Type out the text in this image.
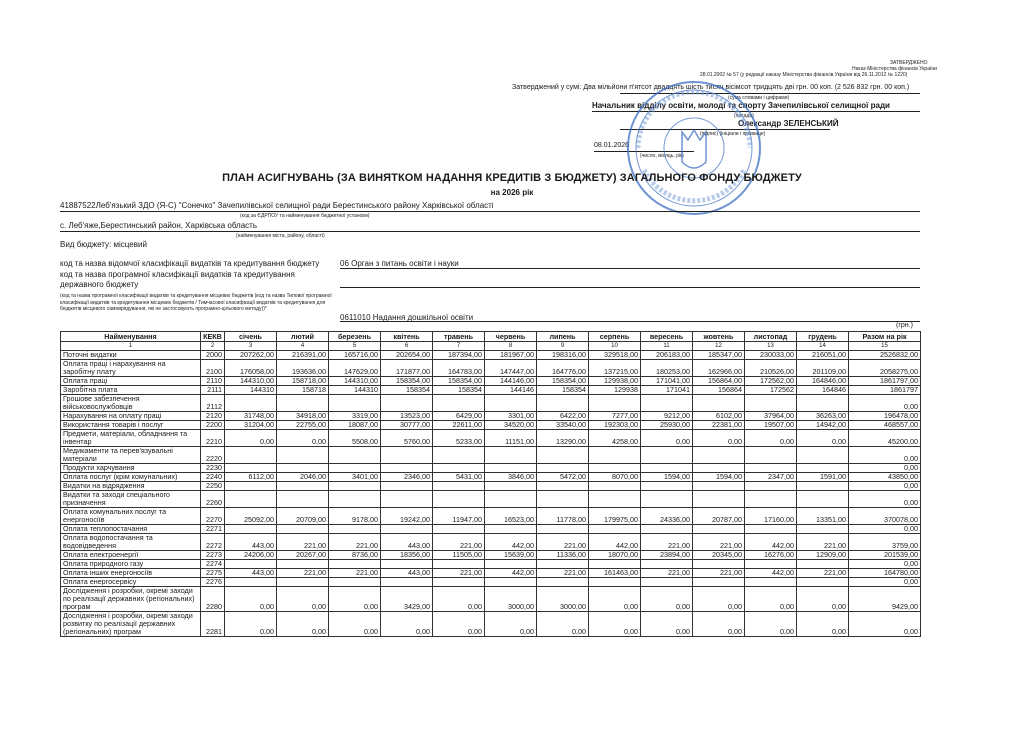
ЗАТВЕРДЖЕНО
Наказ Міністерства фінансів України
28.01.2002 № 57 (у редакції наказу Міністерства фінансів України від 26.11.2012 № 1220)
Затверджений у сумі: Два мільйони п'ятсот двадцять шість тисяч вісімсот тридцять дві грн. 00 коп. (2 526 832 грн. 00 коп.)
(сума словами і цифрами)
Начальник відділу освіти, молоді та спорту Зачепилівської селищної ради
(посада)
Олександр ЗЕЛЕНСЬКИЙ
(підпис) (ініціали і прізвище)
08.01.2026
(число, місяць, рік)
ПЛАН АСИГНУВАНЬ (ЗА ВИНЯТКОМ НАДАННЯ КРЕДИТІВ З БЮДЖЕТУ) ЗАГАЛЬНОГО ФОНДУ БЮДЖЕТУ
на 2026 рік
41887522Леб'язький ЗДО (Я-С) "Сонечко" Зачепилівської селищної ради Берестинського району Харківської області
(код за ЄДРПОУ та найменування бюджетної установи)
с. Леб'яже,Берестинський район, Харківська область
(найменування міста, району, області)
Вид бюджету: місцевий
код та назва відомчої класифікації видатків та кредитування бюджету	06 Орган з питань освіти і науки
код та назва програмної класифікації видатків та кредитування державного бюджету
(код та назва програмної класифікації видатків та кредитування місцевих бюджетів (код та назва Типової програмної класифікації видатків та кредитування місцевих бюджетів / Тимчасової класифікації видатків та кредитування для бюджетів місцевого самоврядування, які не застосовують програмно-цільового методу))*
0611010 Надання дошкільної освіти
(грн.)
Найменування	КЕКВ	січень	лютий	березень	квітень	травень	червень	липень	серпень	вересень	жовтень	листопад	грудень	Разом на рік
1	2	3	4	5	6	7	8	9	10	11	12	13	14	15
Поточні видатки	2000	207262,00	216391,00	165716,00	202654,00	187394,00	181967,00	198316,00	329518,00	206183,00	185347,00	230033,00	216051,00	2526832,00
Оплата праці і нарахування на заробітну плату	2100	176058,00	193636,00	147629,00	171877,00	164783,00	147447,00	164776,00	137215,00	180253,00	162966,00	210526,00	201109,00	2058275,00
Оплата праці	2110	144310,00	158718,00	144310,00	158354,00	158354,00	144146,00	158354,00	129938,00	171041,00	156864,00	172562,00	164846,00	1861797,00
Заробітна плата	2111	144310	158718	144310	158354	158354	144146	158354	129938	171041	156864	172562	164846	1861797
Грошове забезпечення військовослужбовців	2112													0,00
Нарахування на оплату праці	2120	31748,00	34918,00	3319,00	13523,00	6429,00	3301,00	6422,00	7277,00	9212,00	6102,00	37964,00	36263,00	196478,00
Використання товарів і послуг	2200	31204,00	22755,00	18087,00	30777,00	22611,00	34520,00	33540,00	192303,00	25930,00	22381,00	19507,00	14942,00	468557,00
Предмети, матеріали, обладнання та інвентар	2210	0,00	0,00	5508,00	5760,00	5233,00	11151,00	13290,00	4258,00	0,00	0,00	0,00	0,00	45200,00
Медикаменти та перев'язувальні матеріали	2220													0,00
Продукти харчування	2230													0,00
Оплата послуг (крім комунальних)	2240	6112,00	2046,00	3401,00	2346,00	5431,00	3846,00	5472,00	8070,00	1594,00	1594,00	2347,00	1591,00	43850,00
Видатки на відрядження	2250													0,00
Видатки та заходи спеціального призначення	2260													0,00
Оплата комунальних послуг та енергоносіїв	2270	25092,00	20709,00	9178,00	19242,00	11947,00	16523,00	11778,00	179975,00	24336,00	20787,00	17160,00	13351,00	370078,00
Оплата теплопостачання	2271													0,00
Оплата водопостачання та водовідведення	2272	443,00	221,00	221,00	443,00	221,00	442,00	221,00	442,00	221,00	221,00	442,00	221,00	3759,00
Оплата електроенергії	2273	24206,00	20267,00	8736,00	18356,00	11505,00	15639,00	11336,00	18070,00	23894,00	20345,00	16276,00	12909,00	201539,00
Оплата природного газу	2274													0,00
Оплата інших енергоносіїв	2275	443,00	221,00	221,00	443,00	221,00	442,00	221,00	161463,00	221,00	221,00	442,00	221,00	164780,00
Оплата енергосервісу	2276													0,00
Дослідження і розробки, окремі заходи по реалізації державних (регіональних) програм	2280	0,00	0,00	0,00	3429,00	0,00	3000,00	3000,00	0,00	0,00	0,00	0,00	0,00	9429,00
Дослідження і розробки, окремі заходи розвитку по реалізації державних (регіональних) програм	2281	0,00	0,00	0,00	0,00	0,00	0,00	0,00	0,00	0,00	0,00	0,00	0,00	0,00
